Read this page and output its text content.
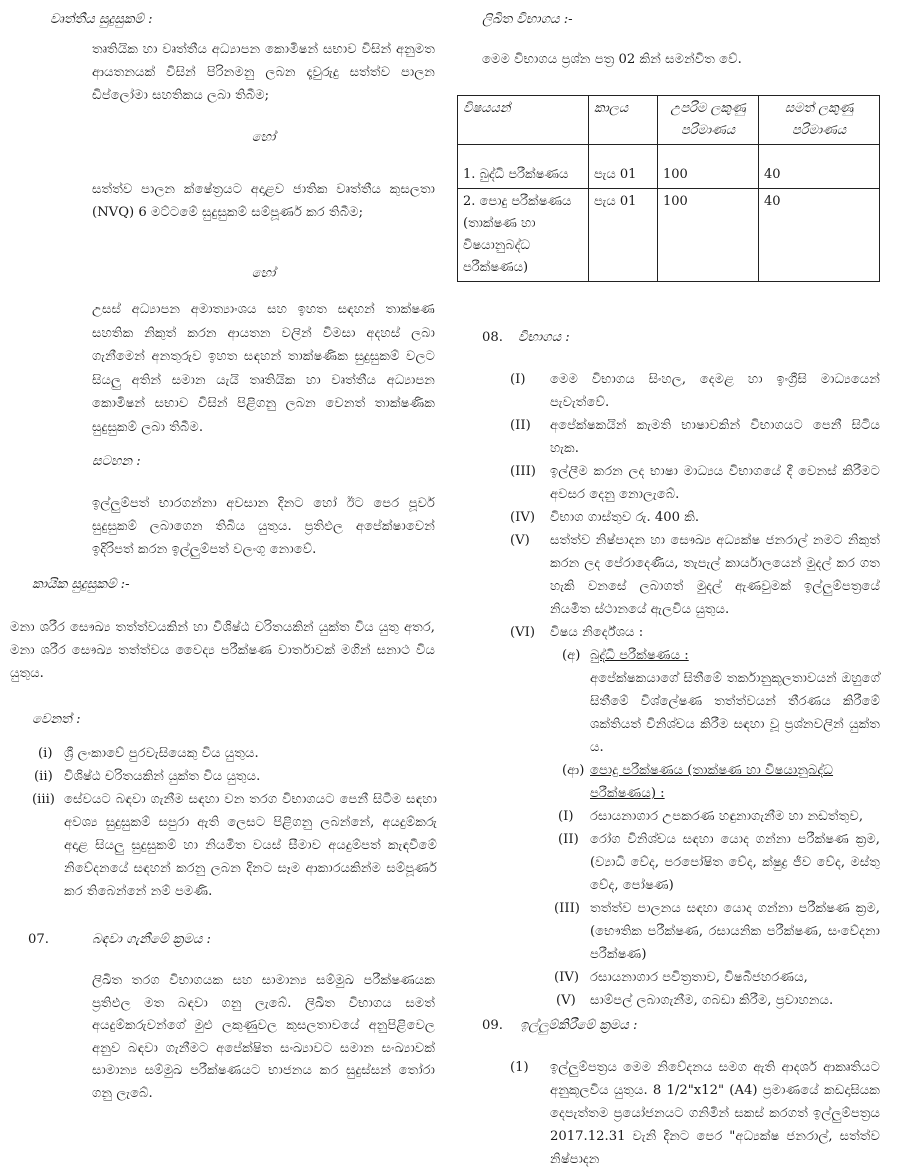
වෘත්තීය සුදුසුකම් :
තෘතියික හා වෘත්තීය අධ්‍යාපන කොමිෂන් සභාව විසින් අනුමත ආයතනයක් විසින් පිරිනමනු ලබන දෑවුරුදු සත්ත්ව පාලන ඩිප්ලෝමා සහතිකය ලබා තිබීම;
හෝ
සත්ත්ව පාලන ක්ෂේත්‍රයට අදාළව ජාතික වෘත්තීය කුසලතා (NVQ) 6 මට්ටමේ සුදුසුකම් සම්පූර්ණ කර තිබීම;
හෝ
උසස් අධ්‍යාපන අමාත්‍යාංශය සහ ඉහත සඳහන් තාක්ෂණ සහතික නිකුත් කරන ආයතන වලින් විමසා අදහස් ලබා ගැනීමෙන් අනතුරුව ඉහත සඳහන් තාක්ෂණික සුදුසුකම් වලට සියලු අතින් සමාන යැයි තෘතියික හා වෘත්තීය අධ්‍යාපන කොමිෂන් සභාව විසින් පිළිගනු ලබන වෙනත් තාක්ෂණික සුදුසුකම් ලබා තිබීම.
සටහන :
ඉල්ලුම්පත් භාරගන්නා අවසාන දිනට හෝ ඊට පෙර පූර්ව සුදුසුකම් ලබාගෙන තිබිය යුතුය. ප්‍රතිඵල අපේක්ෂාවෙන් ඉදිරිපත් කරන ඉල්ලුම්පත් වලංගු නොවේ.
කායික සුදුසුකම් :-
මනා ශරීර සෞඛ්‍ය තත්ත්වයකින් හා විශිෂ්ඨ චරිතයකින් යුක්ත විය යුතු අතර, මනා ශරීර සෞඛ්‍ය තත්ත්වය වෛද්‍ය පරීක්ෂණ වාර්තාවක් මගින් සනාථ විය යුතුය.
වෙනත් :
(i) ශ්‍රී ලංකාවේ පුරවැසියෙකු විය යුතුය.
(ii) විශිෂ්ඨ චරිතයකින් යුක්ත විය යුතුය.
(iii) සේවයට බඳවා ගැනීම සඳහා වන තරග විභාගයට පෙනී සිටීම සඳහා අවශ්‍ය සුදුසුකම් සපුරා ඇති ලෙසට පිළිගනු ලබන්නේ, අයදුම්කරු අදාළ සියලු සුදුසුකම් හා නියමිත වයස් සීමාව අයදුම්පත් කැඳවීමේ නිවේදනයේ සඳහන් කරනු ලබන දිනට සෑම ආකාරයකින්ම සම්පූර්ණ කර තිබෙන්නේ නම් පමණි.
07.	බඳවා ගැනීමේ ක්‍රමය :
ලිඛිත තරග විභාගයක සහ සාමාන්‍ය සම්මුඛ පරීක්ෂණයක ප්‍රතිඵල මත බඳවා ගනු ලැබේ. ලිඛිත විභාගය සමත් අයදුම්කරුවන්ගේ මුළු ලකුණුවල කුසලතාවයේ අනුපිළිවෙල අනුව බඳවා ගැනීමට අපේක්ෂිත සංඛ්‍යාවට සමාන සංඛ්‍යාවක් සාමාන්‍ය සම්මුඛ පරීක්ෂණයට භාජනය කර සුදුස්සන් තෝරා ගනු ලැබේ.
ලිඛිත විභාගය :-
මෙම විභාගය ප්‍රශ්න පත්‍ර 02 කින් සමන්විත වේ.
විෂයයන්	කාලය	උපරිම ලකුණු පරිමාණය	සමත් ලකුණු පරිමාණය
1. බුද්ධි පරීක්ෂණය	පැය 01	100	40
2. පොදු පරීක්ෂණය (තාක්ෂණ හා විෂයානුබද්ධ පරීක්ෂණය)	පැය 01	100	40
08. විභාගය :
(I) මෙම විභාගය සිංහල, දෙමළ හා ඉංග්‍රීසි මාධ්‍යයෙන් පැවැත්වේ.
(II) අපේක්ෂකයින් කැමති භාෂාවකින් විභාගයට පෙනී සිටිය හැක.
(III) ඉල්ලීම කරන ලද භාෂා මාධ්‍යය විභාගයේ දී වෙනස් කිරීමට අවසර දෙනු නොලැබේ.
(IV) විභාග ගාස්තුව රු. 400 කි.
(V) සත්ත්ව නිෂ්පාදන හා සෞඛ්‍ය අධ්‍යක්ෂ ජනරාල් නමට නිකුත් කරන ලද පේරාදෙණිය, තැපැල් කාර්යාලයෙන් මුදල් කර ගත හැකි වනසේ ලබාගත් මුදල් ඇණවුමක් ඉල්ලුම්පත්‍රයේ නියමිත ස්ථානයේ ඇලවිය යුතුය.
(VI) විෂය නිර්දේශය :
(අ) බුද්ධි පරීක්ෂණය :
අපේක්ෂකයාගේ සිතීමේ තර්කානුකූලතාවයන් ඔහුගේ සිතීමේ විශ්ලේෂණ තත්ත්වයන් තීරණය කිරීමේ ශක්තියත් විනිශ්චය කිරීම සඳහා වූ ප්‍රශ්නවලින් යුක්ත ය.
(ආ) පොදු පරීක්ෂණය (තාක්ෂණ හා විෂයානුබද්ධ පරීක්ෂණය) :
(I) රසායනාගාර උපකරණ හඳුනාගැනීම හා නඩත්තුව,
(II) රෝග විනිශ්චය සඳහා යොද ගන්නා පරීක්ෂණ ක්‍රම, (ව්‍යාධි වේද, පරපෝෂිත වේද, ක්ෂුද්‍ර ජීව වේද, මස්තු වේද, පෝෂණ)
(III) තත්ත්ව පාලනය සඳහා යොද ගන්නා පරීක්ෂණ ක්‍රම, (භෞතික පරීක්ෂණ, රසායනික පරීක්ෂණ, සංවේදනා පරීක්ෂණ)
(IV) රසායනාගාර පවිත්‍රතාව, විෂබීජහරණය,
(V) සාම්පල් ලබාගැනීම, ගබඩා කිරීම, ප්‍රවාහනය.
09. ඉල්ලුම්කිරීමේ ක්‍රමය :
(1) ඉල්ලුම්පත්‍රය මෙම නිවේදනය සමග ඇති ආදර්ශ ආකෘතියට අනුකූලවිය යුතුය. 8 1/2"x12" (A4) ප්‍රමාණයේ කඩදාසියක දෙපැත්තම ප්‍රයෝජනයට ගනිමින් සකස් කරගත් ඉල්ලුම්පත්‍රය 2017.12.31 වැනි දිනට පෙර "අධ්‍යක්ෂ ජනරාල්, සත්ත්ව නිෂ්පාදන
